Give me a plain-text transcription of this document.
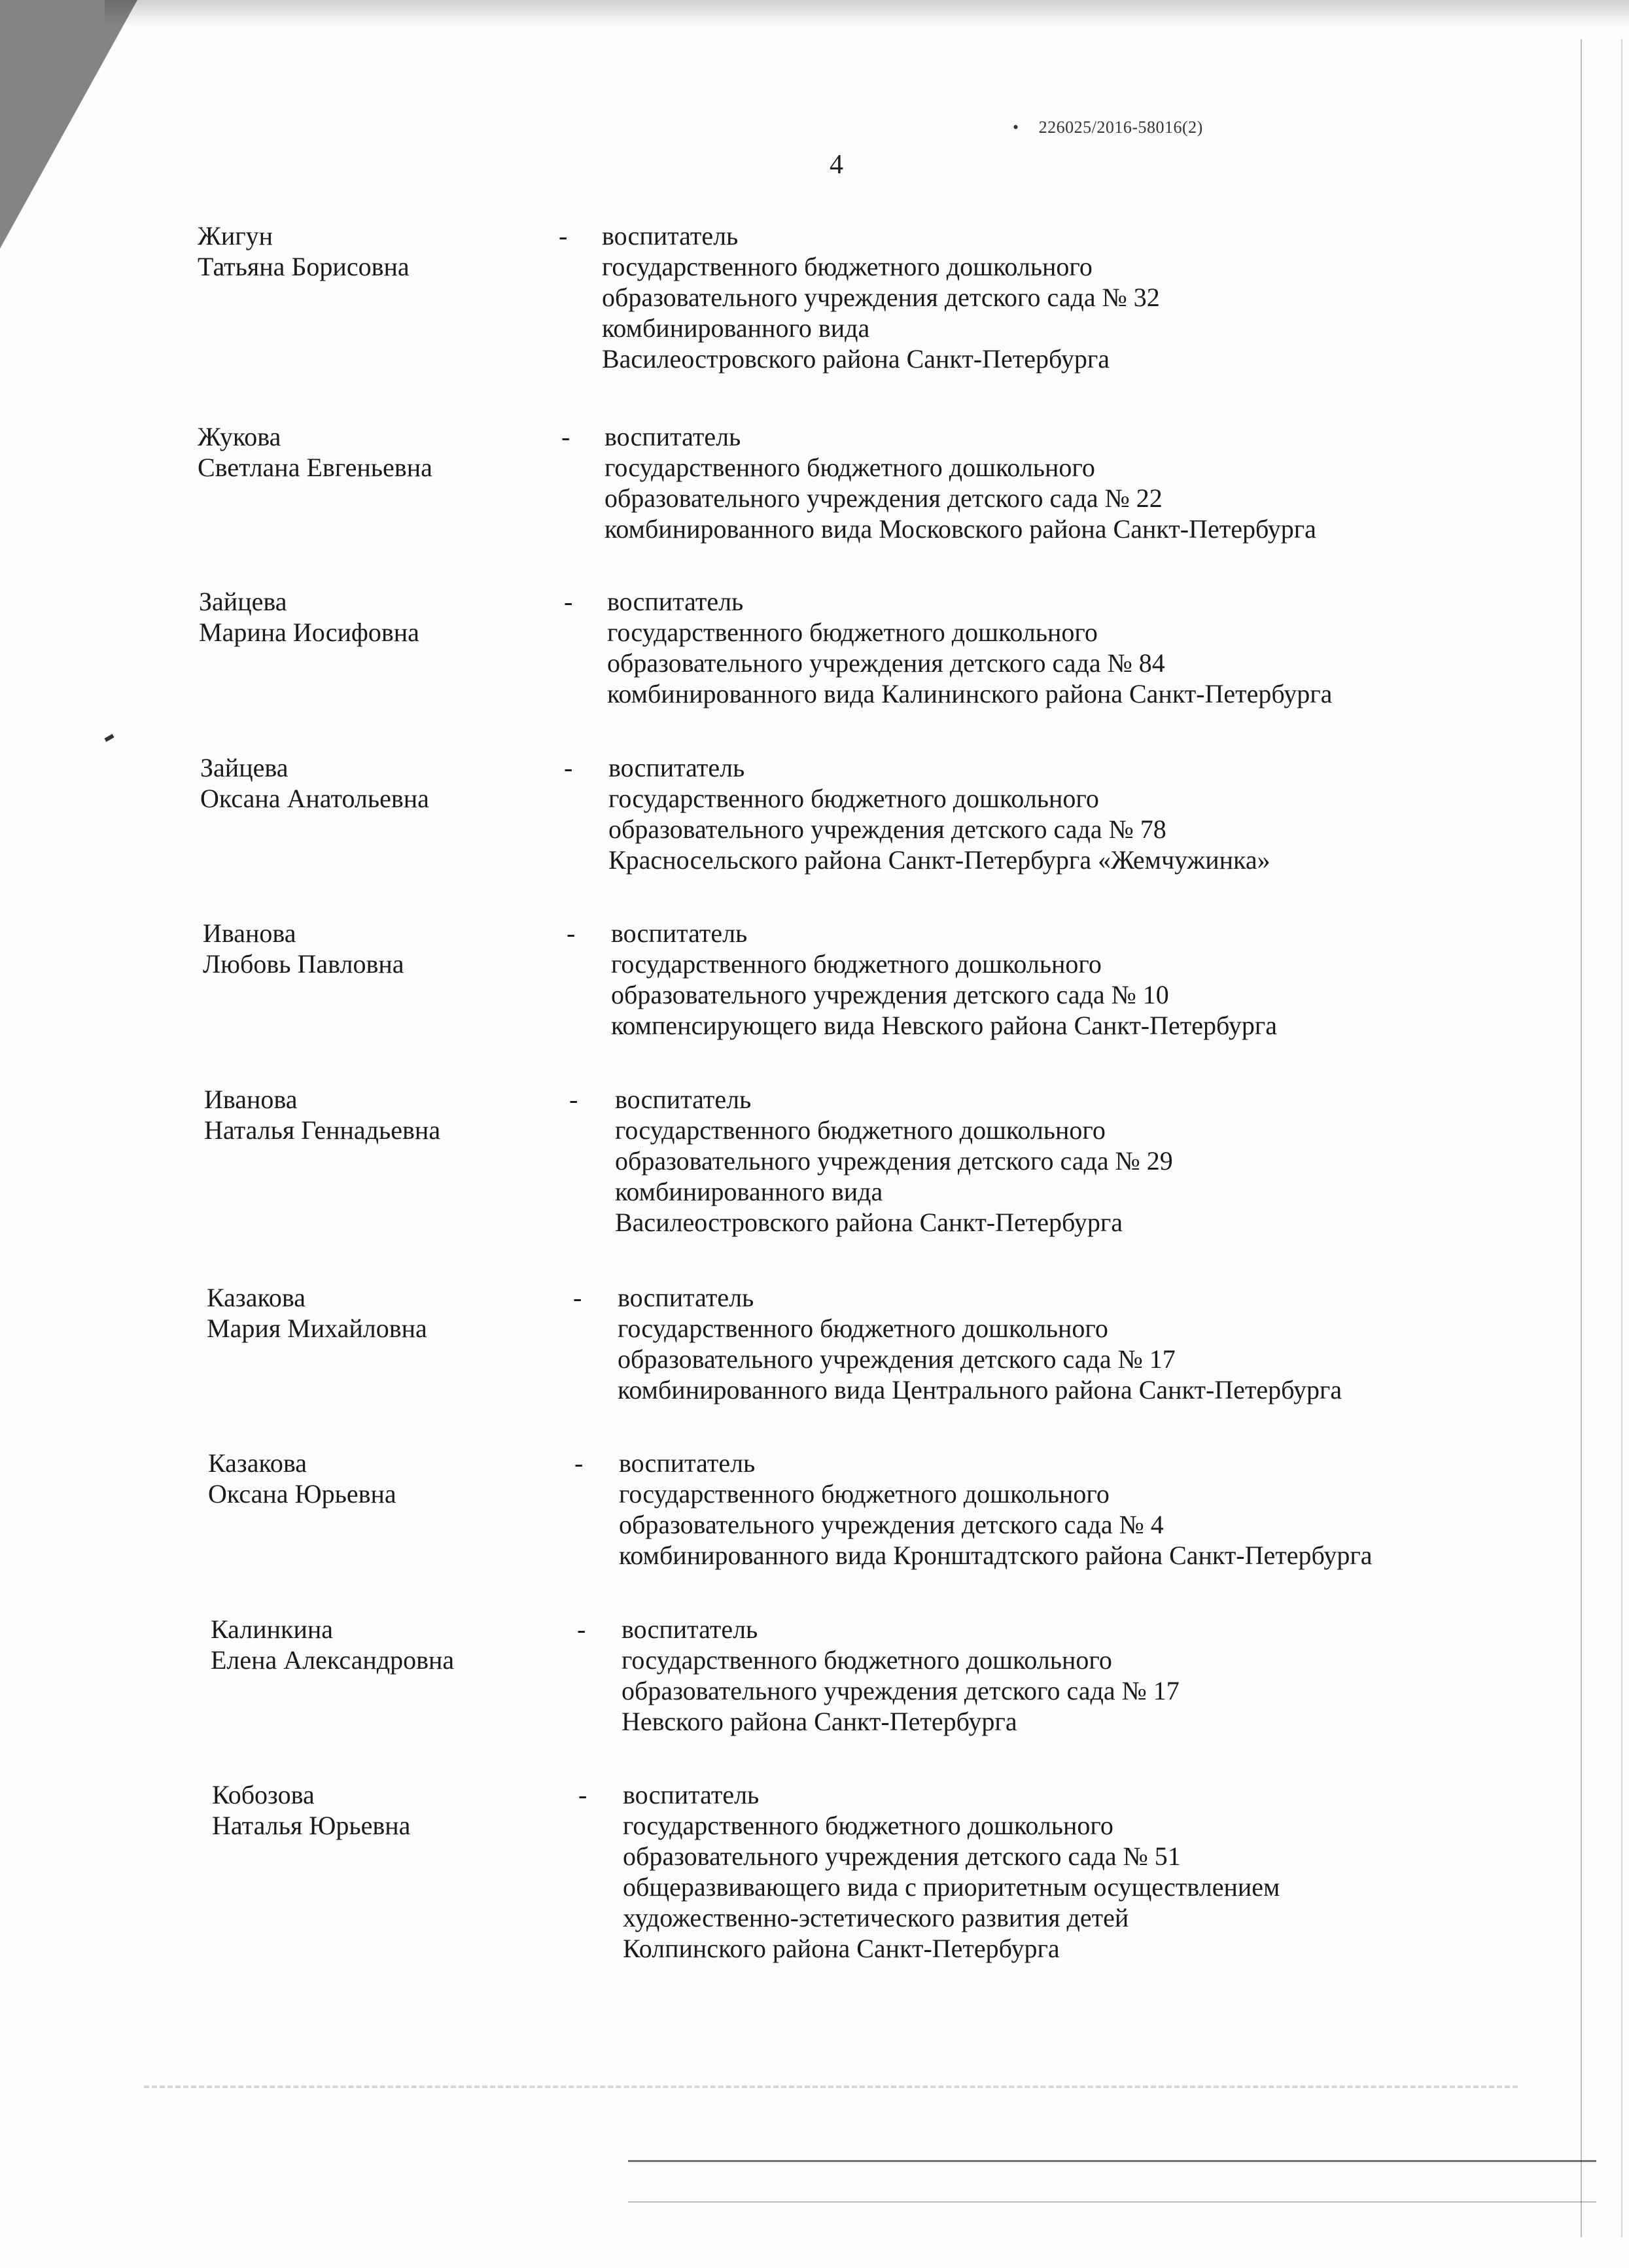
• 226025/2016-58016(2)
4
Жигун
Татьяна Борисовна
- воспитатель
государственного бюджетного дошкольного
образовательного учреждения детского сада № 32
комбинированного вида
Василеостровского района Санкт-Петербурга
Жукова
Светлана Евгеньевна
- воспитатель
государственного бюджетного дошкольного
образовательного учреждения детского сада № 22
комбинированного вида Московского района Санкт-Петербурга
Зайцева
Марина Иосифовна
- воспитатель
государственного бюджетного дошкольного
образовательного учреждения детского сада № 84
комбинированного вида Калининского района Санкт-Петербурга
Зайцева
Оксана Анатольевна
- воспитатель
государственного бюджетного дошкольного
образовательного учреждения детского сада № 78
Красносельского района Санкт-Петербурга «Жемчужинка»
Иванова
Любовь Павловна
- воспитатель
государственного бюджетного дошкольного
образовательного учреждения детского сада № 10
компенсирующего вида Невского района Санкт-Петербурга
Иванова
Наталья Геннадьевна
- воспитатель
государственного бюджетного дошкольного
образовательного учреждения детского сада № 29
комбинированного вида
Василеостровского района Санкт-Петербурга
Казакова
Мария Михайловна
- воспитатель
государственного бюджетного дошкольного
образовательного учреждения детского сада № 17
комбинированного вида Центрального района Санкт-Петербурга
Казакова
Оксана Юрьевна
- воспитатель
государственного бюджетного дошкольного
образовательного учреждения детского сада № 4
комбинированного вида Кронштадтского района Санкт-Петербурга
Калинкина
Елена Александровна
- воспитатель
государственного бюджетного дошкольного
образовательного учреждения детского сада № 17
Невского района Санкт-Петербурга
Кобозова
Наталья Юрьевна
- воспитатель
государственного бюджетного дошкольного
образовательного учреждения детского сада № 51
общеразвивающего вида с приоритетным осуществлением
художественно-эстетического развития детей
Колпинского района Санкт-Петербурга
